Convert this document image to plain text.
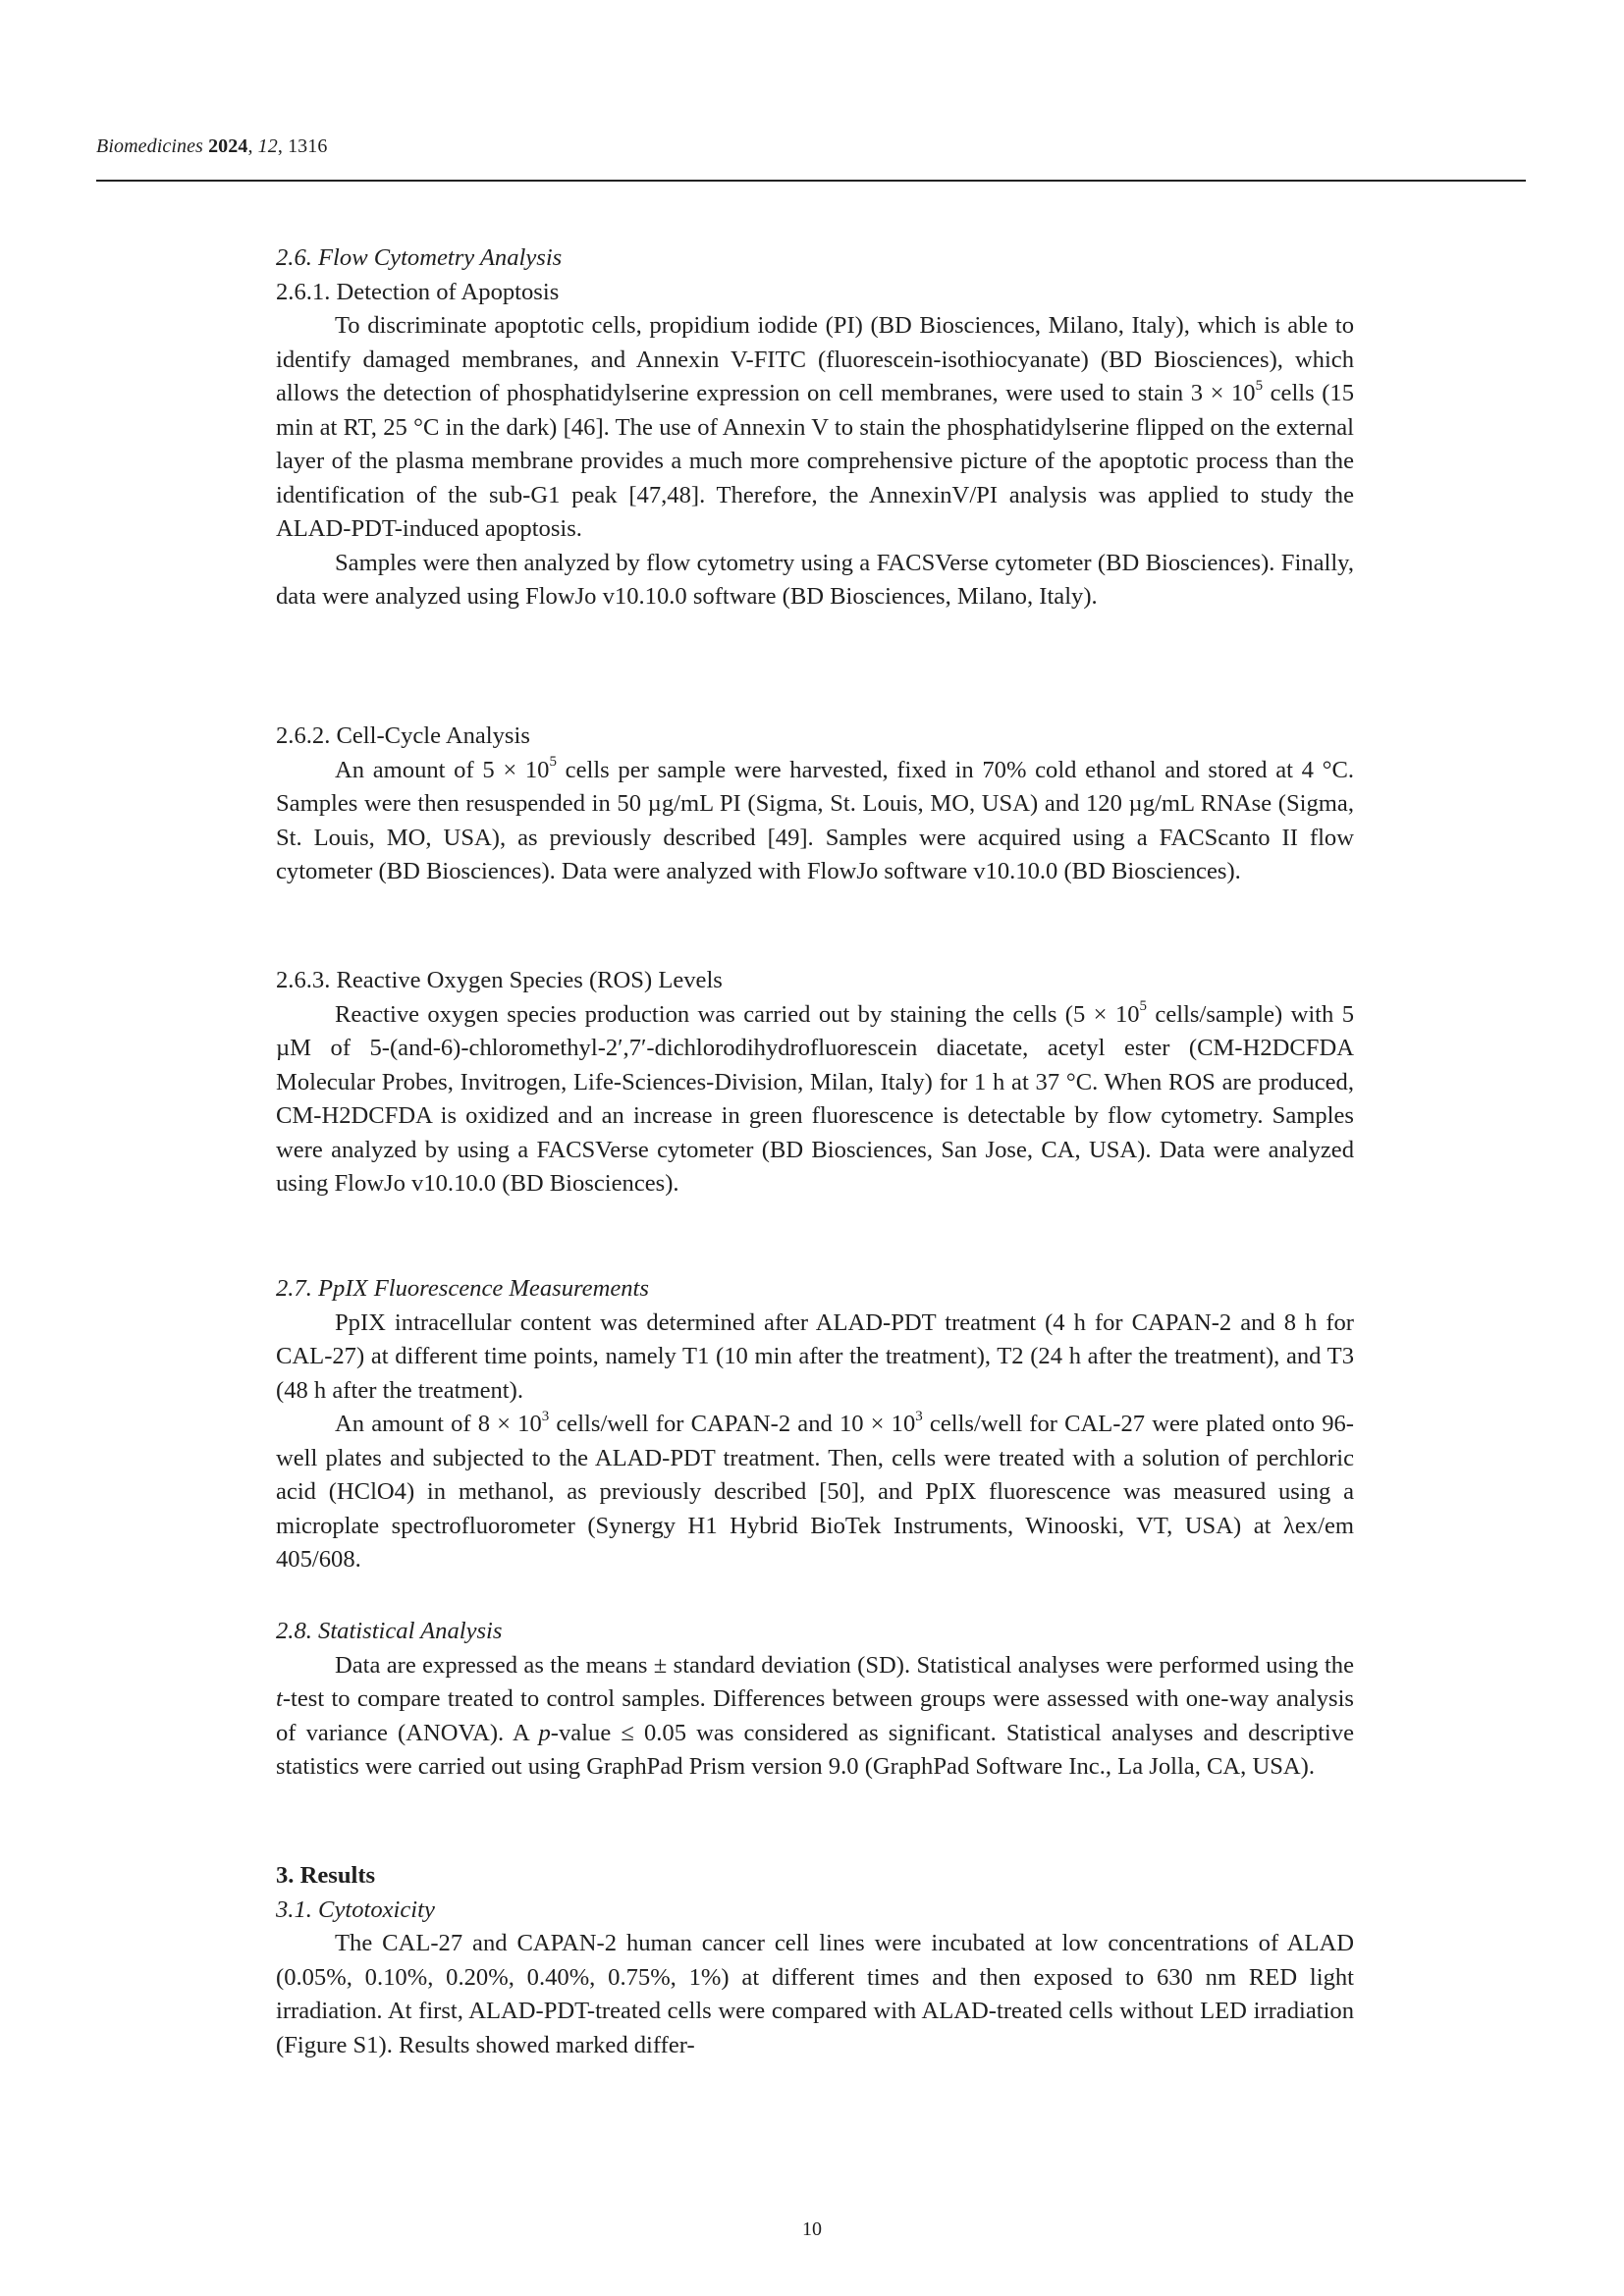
Biomedicines 2024, 12, 1316
2.6. Flow Cytometry Analysis
2.6.1. Detection of Apoptosis

To discriminate apoptotic cells, propidium iodide (PI) (BD Biosciences, Milano, Italy), which is able to identify damaged membranes, and Annexin V-FITC (fluorescein-isothiocyanate) (BD Biosciences), which allows the detection of phosphatidylserine expression on cell membranes, were used to stain $3 \times 10^5$ cells (15 min at RT, 25 °C in the dark) [46]. The use of Annexin V to stain the phosphatidylserine flipped on the external layer of the plasma membrane provides a much more comprehensive picture of the apoptotic process than the identification of the sub-G1 peak [47,48]. Therefore, the AnnexinV/PI analysis was applied to study the ALAD-PDT-induced apoptosis.

Samples were then analyzed by flow cytometry using a FACSVerse cytometer (BD Biosciences). Finally, data were analyzed using FlowJo v10.10.0 software (BD Biosciences, Milano, Italy).

2.6.2. Cell-Cycle Analysis

An amount of $5 \times 10^5$ cells per sample were harvested, fixed in 70% cold ethanol and stored at 4 °C. Samples were then resuspended in 50 µg/mL PI (Sigma, St. Louis, MO, USA) and 120 µg/mL RNAse (Sigma, St. Louis, MO, USA), as previously described [49]. Samples were acquired using a FACScanto II flow cytometer (BD Biosciences). Data were analyzed with FlowJo software v10.10.0 (BD Biosciences).

2.6.3. Reactive Oxygen Species (ROS) Levels

Reactive oxygen species production was carried out by staining the cells ($5 \times 10^5$ cells/sample) with 5 µM of 5-(and-6)-chloromethyl-2′,7′-dichlorodihydrofluorescein diacetate, acetyl ester (CM-H2DCFDA Molecular Probes, Invitrogen, Life-Sciences-Division, Milan, Italy) for 1 h at 37 °C. When ROS are produced, CM-H2DCFDA is oxidized and an increase in green fluorescence is detectable by flow cytometry. Samples were analyzed by using a FACSVerse cytometer (BD Biosciences, San Jose, CA, USA). Data were analyzed using FlowJo v10.10.0 (BD Biosciences).

2.7. PpIX Fluorescence Measurements

PpIX intracellular content was determined after ALAD-PDT treatment (4 h for CAPAN-2 and 8 h for CAL-27) at different time points, namely T1 (10 min after the treatment), T2 (24 h after the treatment), and T3 (48 h after the treatment).

An amount of $8 \times 10^3$ cells/well for CAPAN-2 and $10 \times 10^3$ cells/well for CAL-27 were plated onto 96-well plates and subjected to the ALAD-PDT treatment. Then, cells were treated with a solution of perchloric acid (HClO4) in methanol, as previously described [50], and PpIX fluorescence was measured using a microplate spectrofluorometer (Synergy H1 Hybrid BioTek Instruments, Winooski, VT, USA) at λex/em 405/608.

2.8. Statistical Analysis

Data are expressed as the means ± standard deviation (SD). Statistical analyses were performed using the t-test to compare treated to control samples. Differences between groups were assessed with one-way analysis of variance (ANOVA). A p-value ≤ 0.05 was considered as significant. Statistical analyses and descriptive statistics were carried out using GraphPad Prism version 9.0 (GraphPad Software Inc., La Jolla, CA, USA).

3. Results
3.1. Cytotoxicity

The CAL-27 and CAPAN-2 human cancer cell lines were incubated at low concentrations of ALAD (0.05%, 0.10%, 0.20%, 0.40%, 0.75%, 1%) at different times and then exposed to 630 nm RED light irradiation. At first, ALAD-PDT-treated cells were compared with ALAD-treated cells without LED irradiation (Figure S1). Results showed marked differ-

10
